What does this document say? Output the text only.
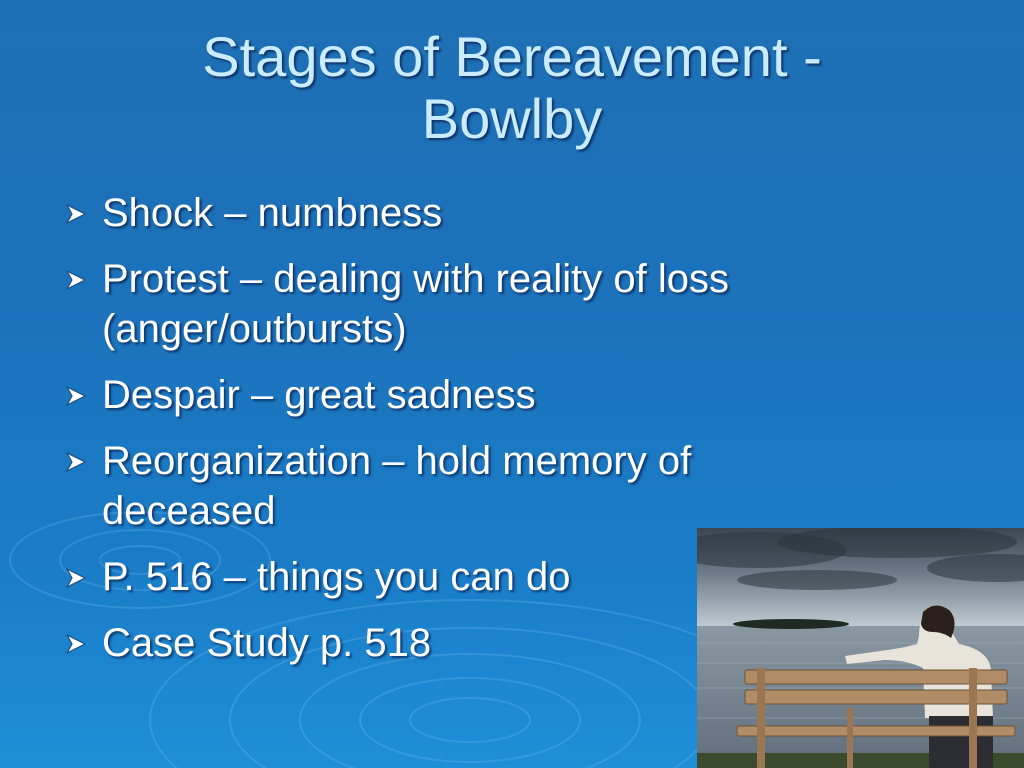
Stages of Bereavement -
Bowlby
Shock – numbness
Protest – dealing with reality of loss (anger/outbursts)
Despair – great sadness
Reorganization – hold memory of deceased
P. 516 – things you can do
Case Study p. 518
